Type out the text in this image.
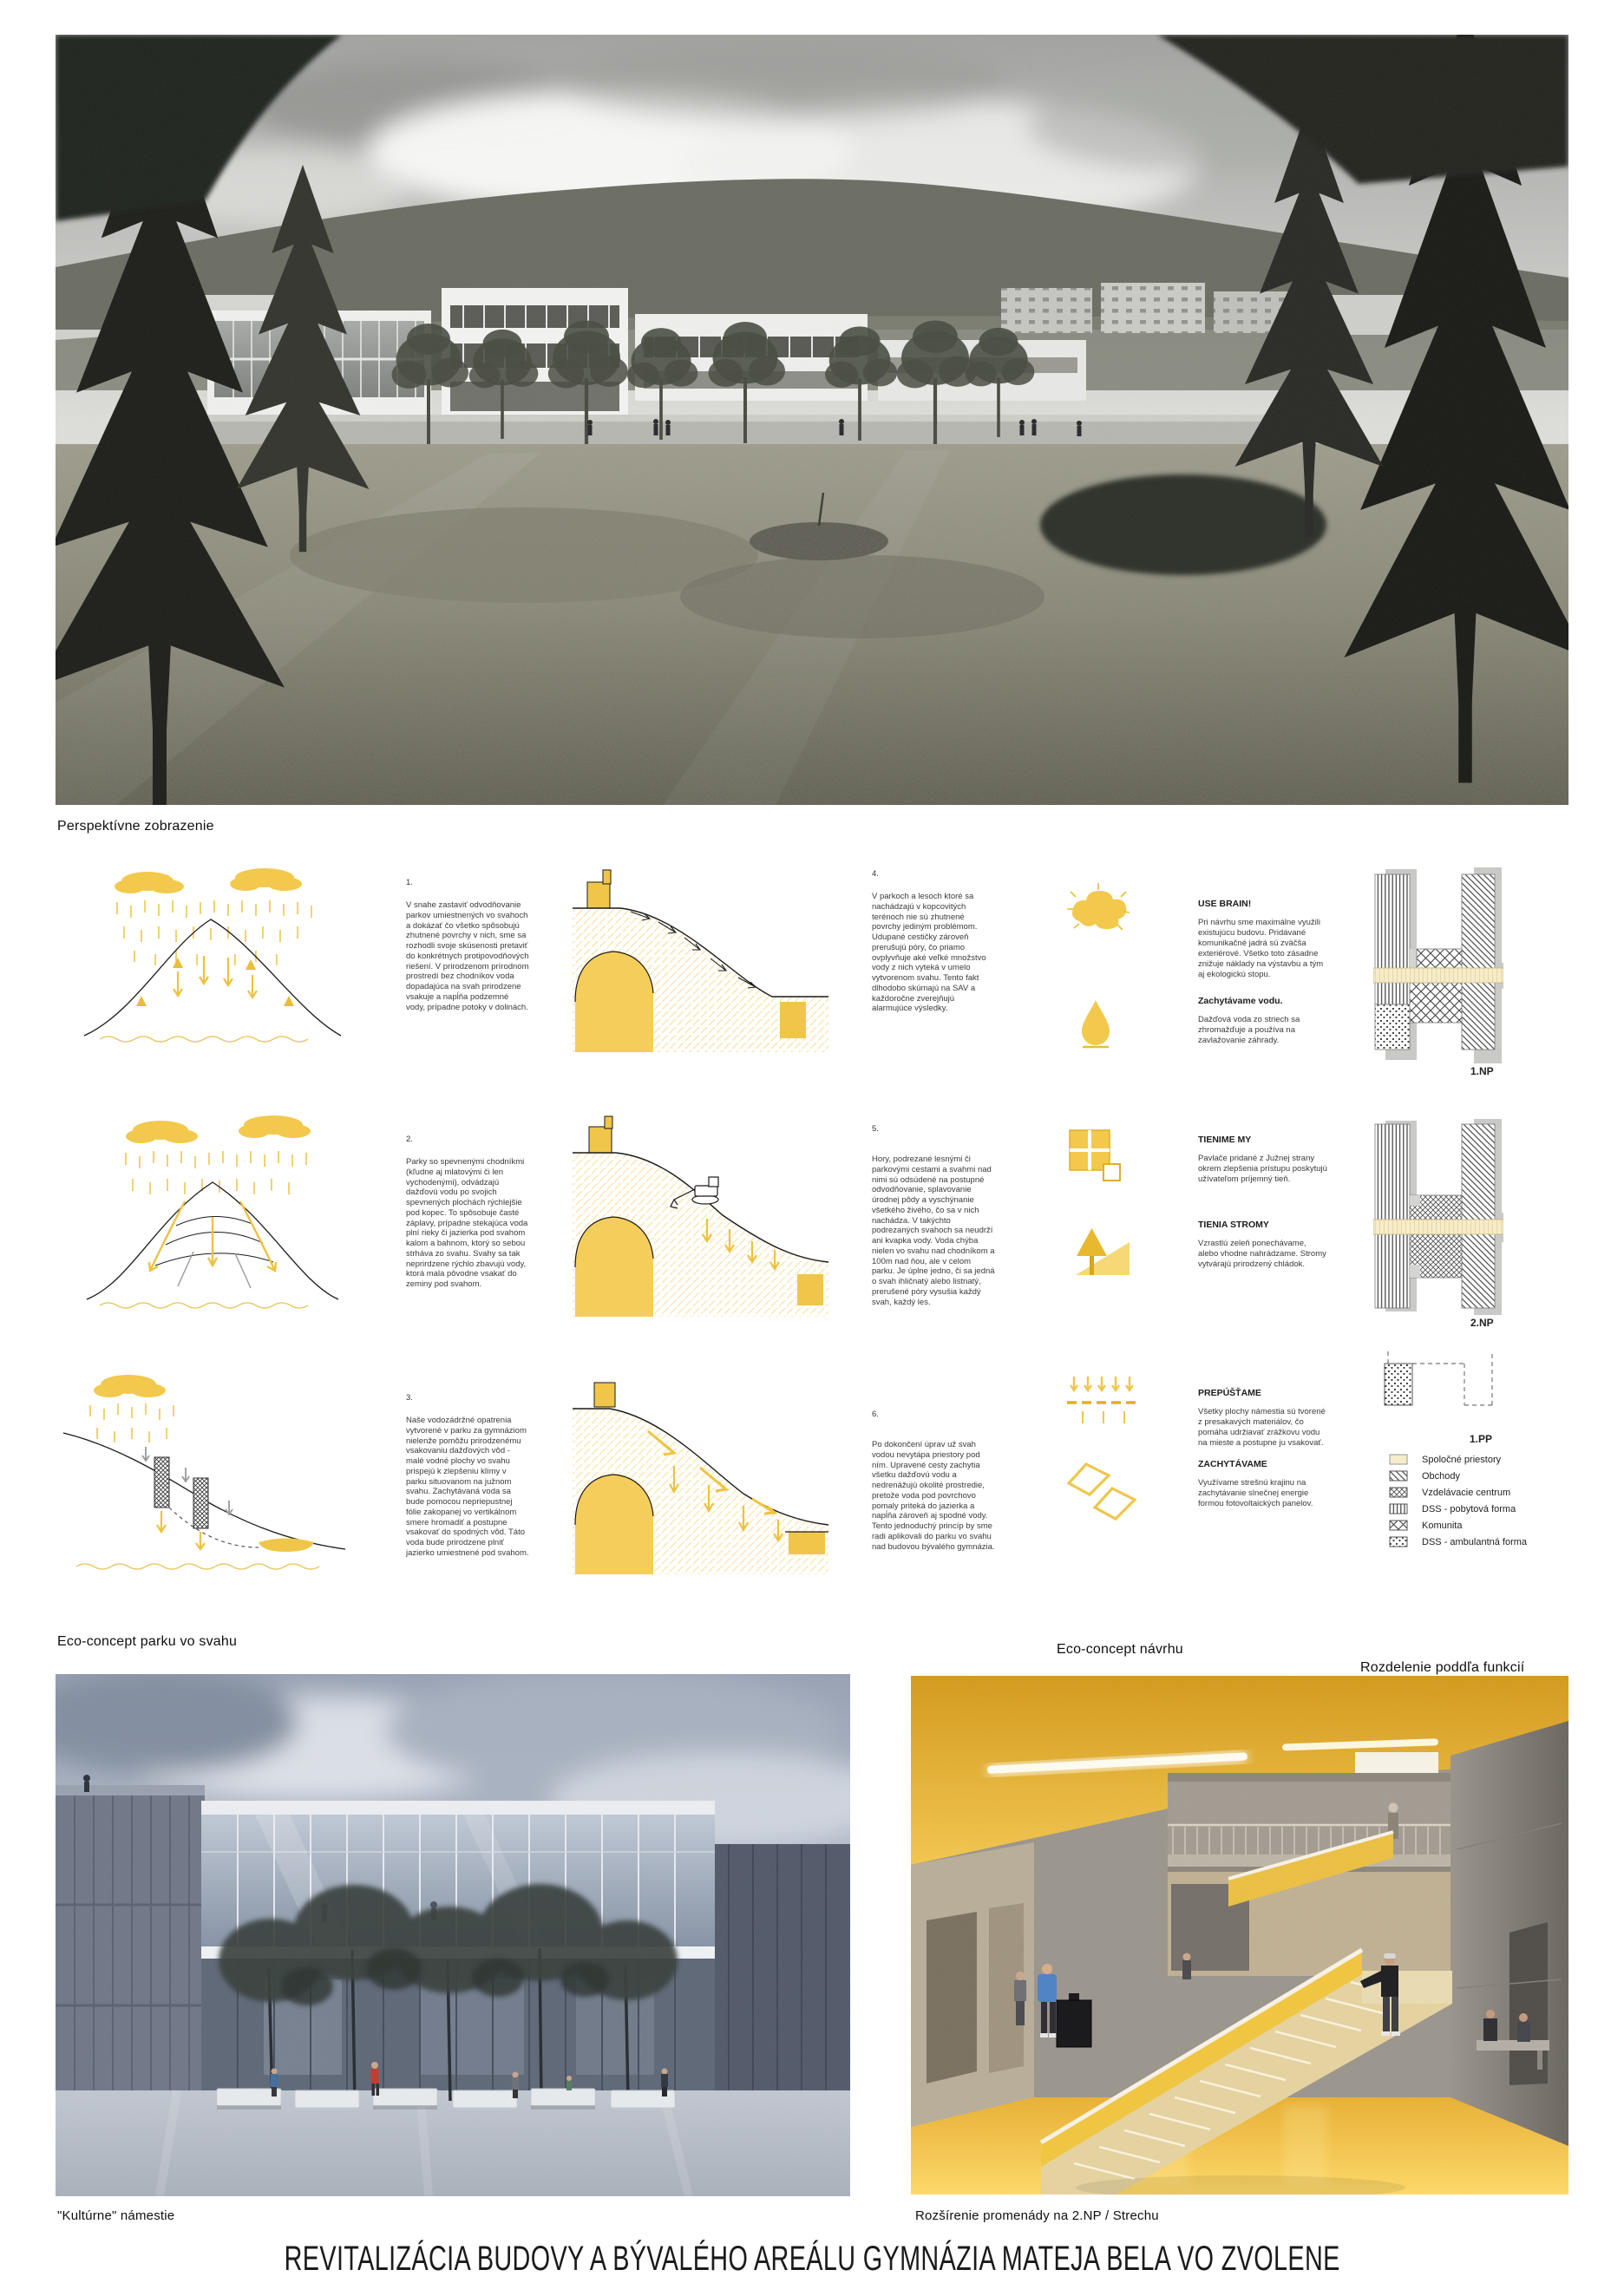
Perspektívne zobrazenie
1.
V snahe zastaviť odvodňovanie parkov umiestnených vo svahoch a dokázať čo všetko spôsobujú zhutnené povrchy v nich, sme sa rozhodli svoje skúsenosti pretaviť do konkrétnych protipovodňových riešení. V prirodzenom prírodnom prostredí bez chodníkov voda dopadajúca na svah prirodzene vsakuje a napĺňa podzemné vody, prípadne potoky v dolinách.
2.
Parky so spevnenými chodníkmi (kľudne aj mlatovými či len vychodenými), odvádzajú dažďovú vodu po svojich spevnených plochách rýchlejšie pod kopec. To spôsobuje časté záplavy, prípadne stekajúca voda plní rieky či jazierka pod svahom kalom a bahnom, ktorý so sebou strháva zo svahu. Svahy sa tak neprirdzene rýchlo zbavujú vody, ktorá mala pôvodne vsakať do zeminy pod svahom.
3.
Naše vodozádržné opatrenia vytvorené v parku za gymnáziom nielenže pomôžu prirodzenému vsakovaniu dažďových vôd - malé vodné plochy vo svahu prispejú k zlepšeniu klímy v parku situovanom na južnom svahu. Zachytávaná voda sa bude pomocou nepriepustnej fólie zakopanej vo vertikálnom smere hromadiť a postupne vsakovať do spodných vôd. Táto voda bude prirodzene plniť jazierko umiestnené pod svahom.
4.
V parkoch a lesoch ktoré sa nachádzajú v kopcovitých terénoch nie sú zhutnené povrchy jediným problémom. Udupané cestičky zároveň prerušujú póry, čo priamo ovplyvňuje aké veľké množstvo vody z nich vyteká v umelo vytvorenom svahu. Tento fakt dlhodobo skúmajú na SAV a každoročne zverejňujú alarmujúce výsledky.
5.
Hory, podrezané lesnými či parkovými cestami a svahmi nad nimi sú odsúdené na postupné odvodňovanie, splavovanie úrodnej pôdy a vyschýnanie všetkého živého, čo sa v nich nachádza. V takýchto podrezaných svahoch sa neudrží ani kvapka vody. Voda chýba nielen vo svahu nad chodníkom a 100m nad ňou, ale v celom parku. Je úplne jedno, či sa jedná o svah ihličnatý alebo listnatý, prerušené póry vysušia každý svah, každý les.
6.
Po dokončení úprav už svah vodou nevytápa priestory pod ním. Upravené cesty zachytia všetku dažďovú vodu a nedrenážujú okolité prostredie, pretože voda pod povrchovo pomaly priteká do jazierka a napĺňa zároveň aj spodné vody. Tento jednoduchý princíp by sme radi aplikovali do parku vo svahu nad budovou bývalého gymnázia.
USE BRAIN!
Pri návrhu sme maximálne využili existujúcu budovu. Pridávané komunikačné jadrá sú zväčša exteriérové. Všetko toto zásadne znižuje náklady na výstavbu a tým aj ekologickú stopu.
Zachytávame vodu.
Dažďová voda zo striech sa zhromažďuje a používa na zavlažovanie záhrady.
TIENIME MY
Pavlače pridané z Južnej strany okrem zlepšenia prístupu poskytujú užívateľom príjemný tieň.
TIENIA STROMY
Vzrastlú zeleň ponechávame, alebo vhodne nahrádzame. Stromy vytvárajú prirodzený chládok.
PREPÚŠŤAME
Všetky plochy námestia sú tvorené z presakavých materiálov, čo pomáha udržiavať zrážkovu vodu na mieste a postupne ju vsakovať.
ZACHYTÁVAME
Využívame strešnú krajinu na zachytávanie slnečnej energie formou fotovoltaických panelov.
1.NP
2.NP
1.PP
Spoločné priestory
Obchody
Vzdelávacie centrum
DSS - pobytová forma
Komunita
DSS - ambulantná forma
Eco-concept parku vo svahu
Eco-concept návrhu
Rozdelenie poddľa funkcií
"Kultúrne" námestie	Rozšírenie promenády na 2.NP / Strechu
REVITALIZÁCIA BUDOVY A BÝVALÉHO AREÁLU GYMNÁZIA MATEJA BELA VO ZVOLENE
